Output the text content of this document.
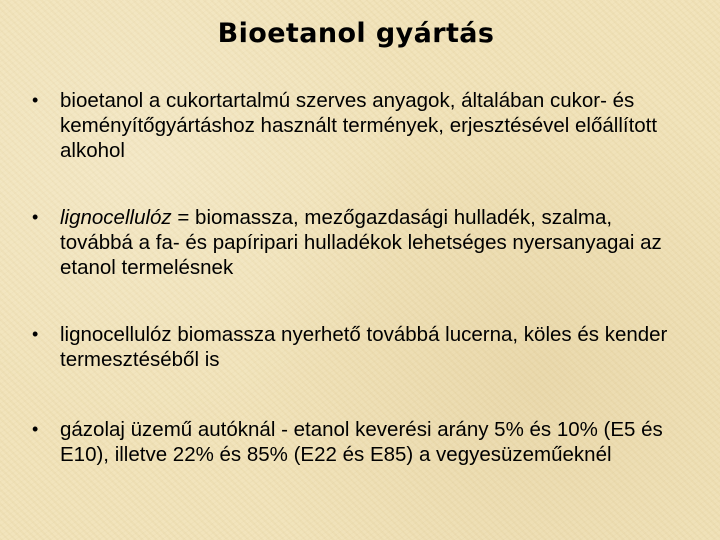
Bioetanol gyártás
• bioetanol a cukortartalmú szerves anyagok, általában cukor- és keményítőgyártáshoz használt termények, erjesztésével előállított alkohol
• lignocellulóz = biomassza, mezőgazdasági hulladék, szalma, továbbá a fa- és papíripari hulladékok lehetséges nyersanyagai az etanol termelésnek
• lignocellulóz biomassza nyerhető továbbá lucerna, köles és kender termesztéséből is
• gázolaj üzemű autóknál - etanol keverési arány 5% és 10% (E5 és E10), illetve 22% és 85% (E22 és E85) a vegyesüzeműeknél
